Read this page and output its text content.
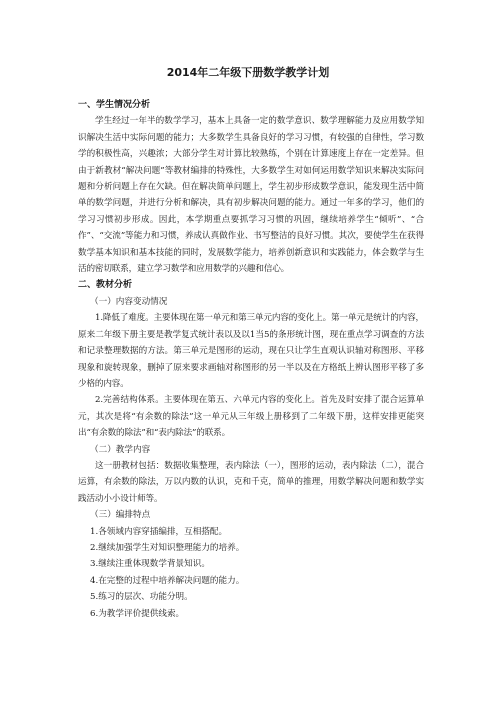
2014年二年级下册数学教学计划

一、学生情况分析

学生经过一年半的数学学习，基本上具备一定的数学意识、数学理解能力及应用数学知识解决生活中实际问题的能力；大多数学生具备良好的学习习惯，有较强的自律性，学习数学的积极性高，兴趣浓；大部分学生对计算比较熟练，个别在计算速度上存在一定差异。但由于新教材“解决问题”等教材编排的特殊性，大多数学生对如何运用数学知识来解决实际问题和分析问题上存在欠缺。但在解决简单问题上，学生初步形成数学意识，能发现生活中简单的数学问题，并进行分析和解决，具有初步解决问题的能力。通过一年多的学习，他们的学习习惯初步形成。因此，本学期重点要抓学习习惯的巩固，继续培养学生“倾听”、“合作”、“交流”等能力和习惯，养成认真做作业、书写整洁的良好习惯。其次，要使学生在获得数学基本知识和基本技能的同时，发展数学能力，培养创新意识和实践能力，体会数学与生活的密切联系，建立学习数学和应用数学的兴趣和信心。

二、教材分析

（一）内容变动情况

1.降低了难度。主要体现在第一单元和第三单元内容的变化上。第一单元是统计的内容，原来二年级下册主要是教学复式统计表以及以1当5的条形统计图，现在重点学习调查的方法和记录整理数据的方法。第三单元是图形的运动，现在只让学生直观认识轴对称图形、平移现象和旋转现象，删掉了原来要求画轴对称图形的另一半以及在方格纸上辨认图形平移了多少格的内容。

2.完善结构体系。主要体现在第五、六单元内容的变化上。首先及时安排了混合运算单元，其次是将“有余数的除法”这一单元从三年级上册移到了二年级下册，这样安排更能突出“有余数的除法”和“表内除法”的联系。

（二）教学内容

这一册教材包括：数据收集整理，表内除法（一），图形的运动，表内除法（二），混合运算，有余数的除法，万以内数的认识，克和千克，简单的推理，用数学解决问题和数学实践活动小小设计师等。

（三）编排特点

1.各领域内容穿插编排，互相搭配。

2.继续加强学生对知识整理能力的培养。

3.继续注重体现数学背景知识。

4.在完整的过程中培养解决问题的能力。

5.练习的层次、功能分明。

6.为教学评价提供线索。
